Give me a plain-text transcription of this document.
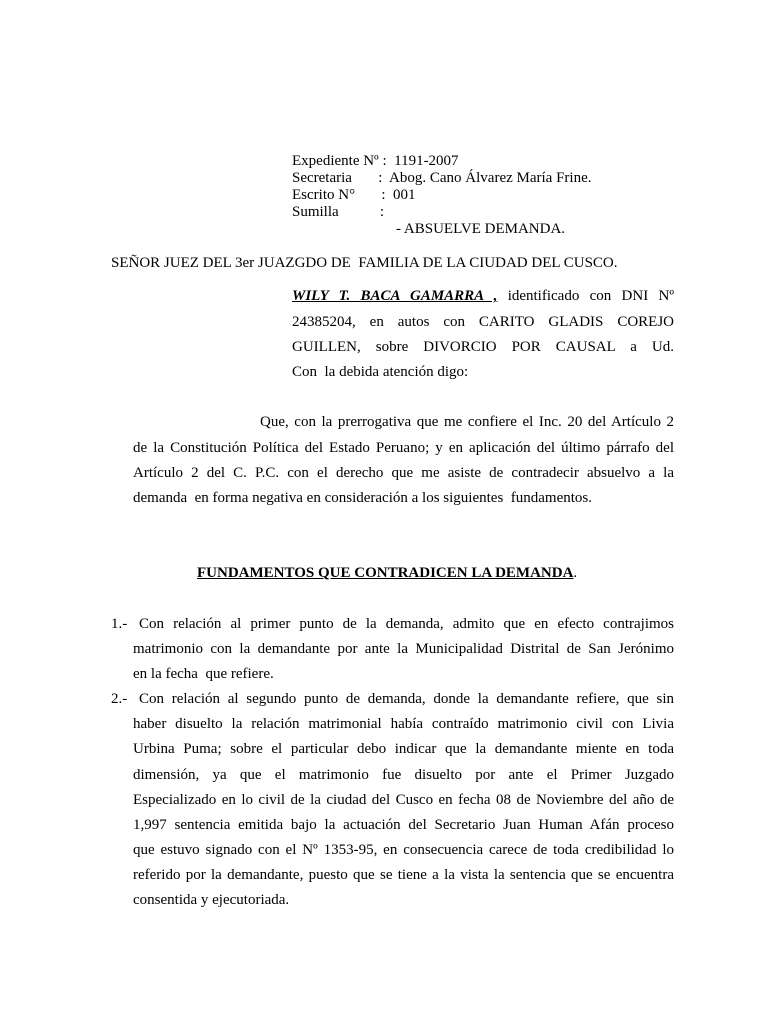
Expediente Nº :  1191-2007
Secretaria       :  Abog. Cano Álvarez María Frine.
Escrito N°       :  001
Sumilla           :
- ABSUELVE DEMANDA.
SEÑOR JUEZ DEL 3er JUAZGDO DE  FAMILIA DE LA CIUDAD DEL CUSCO.
WILY T. BACA GAMARRA , identificado con DNI Nº
24385204, en autos con CARITO GLADIS COREJO
GUILLEN, sobre DIVORCIO POR CAUSAL a Ud.
Con  la debida atención digo:
Que, con la prerrogativa que me confiere el Inc. 20 del Artículo 2
de la Constitución Política del Estado Peruano; y en aplicación del último párrafo del
Artículo 2 del C. P.C. con el derecho que me asiste de contradecir absuelvo a la
demanda  en forma negativa en consideración a los siguientes  fundamentos.
FUNDAMENTOS QUE CONTRADICEN LA DEMANDA.
1.- Con relación al primer punto de la demanda, admito que en efecto contrajimos
matrimonio con la demandante por ante la Municipalidad Distrital de San Jerónimo
en la fecha  que refiere.
2.- Con relación al segundo punto de demanda, donde la demandante refiere, que sin
haber disuelto la relación matrimonial había contraído matrimonio civil con Livia
Urbina Puma; sobre el particular debo indicar que la demandante miente en toda
dimensión, ya que el matrimonio fue disuelto por ante el Primer Juzgado
Especializado en lo civil de la ciudad del Cusco en fecha 08 de Noviembre del año de
1,997 sentencia emitida bajo la actuación del Secretario Juan Human Afán proceso
que estuvo signado con el Nº 1353-95, en consecuencia carece de toda credibilidad lo
referido por la demandante, puesto que se tiene a la vista la sentencia que se encuentra
consentida y ejecutoriada.
